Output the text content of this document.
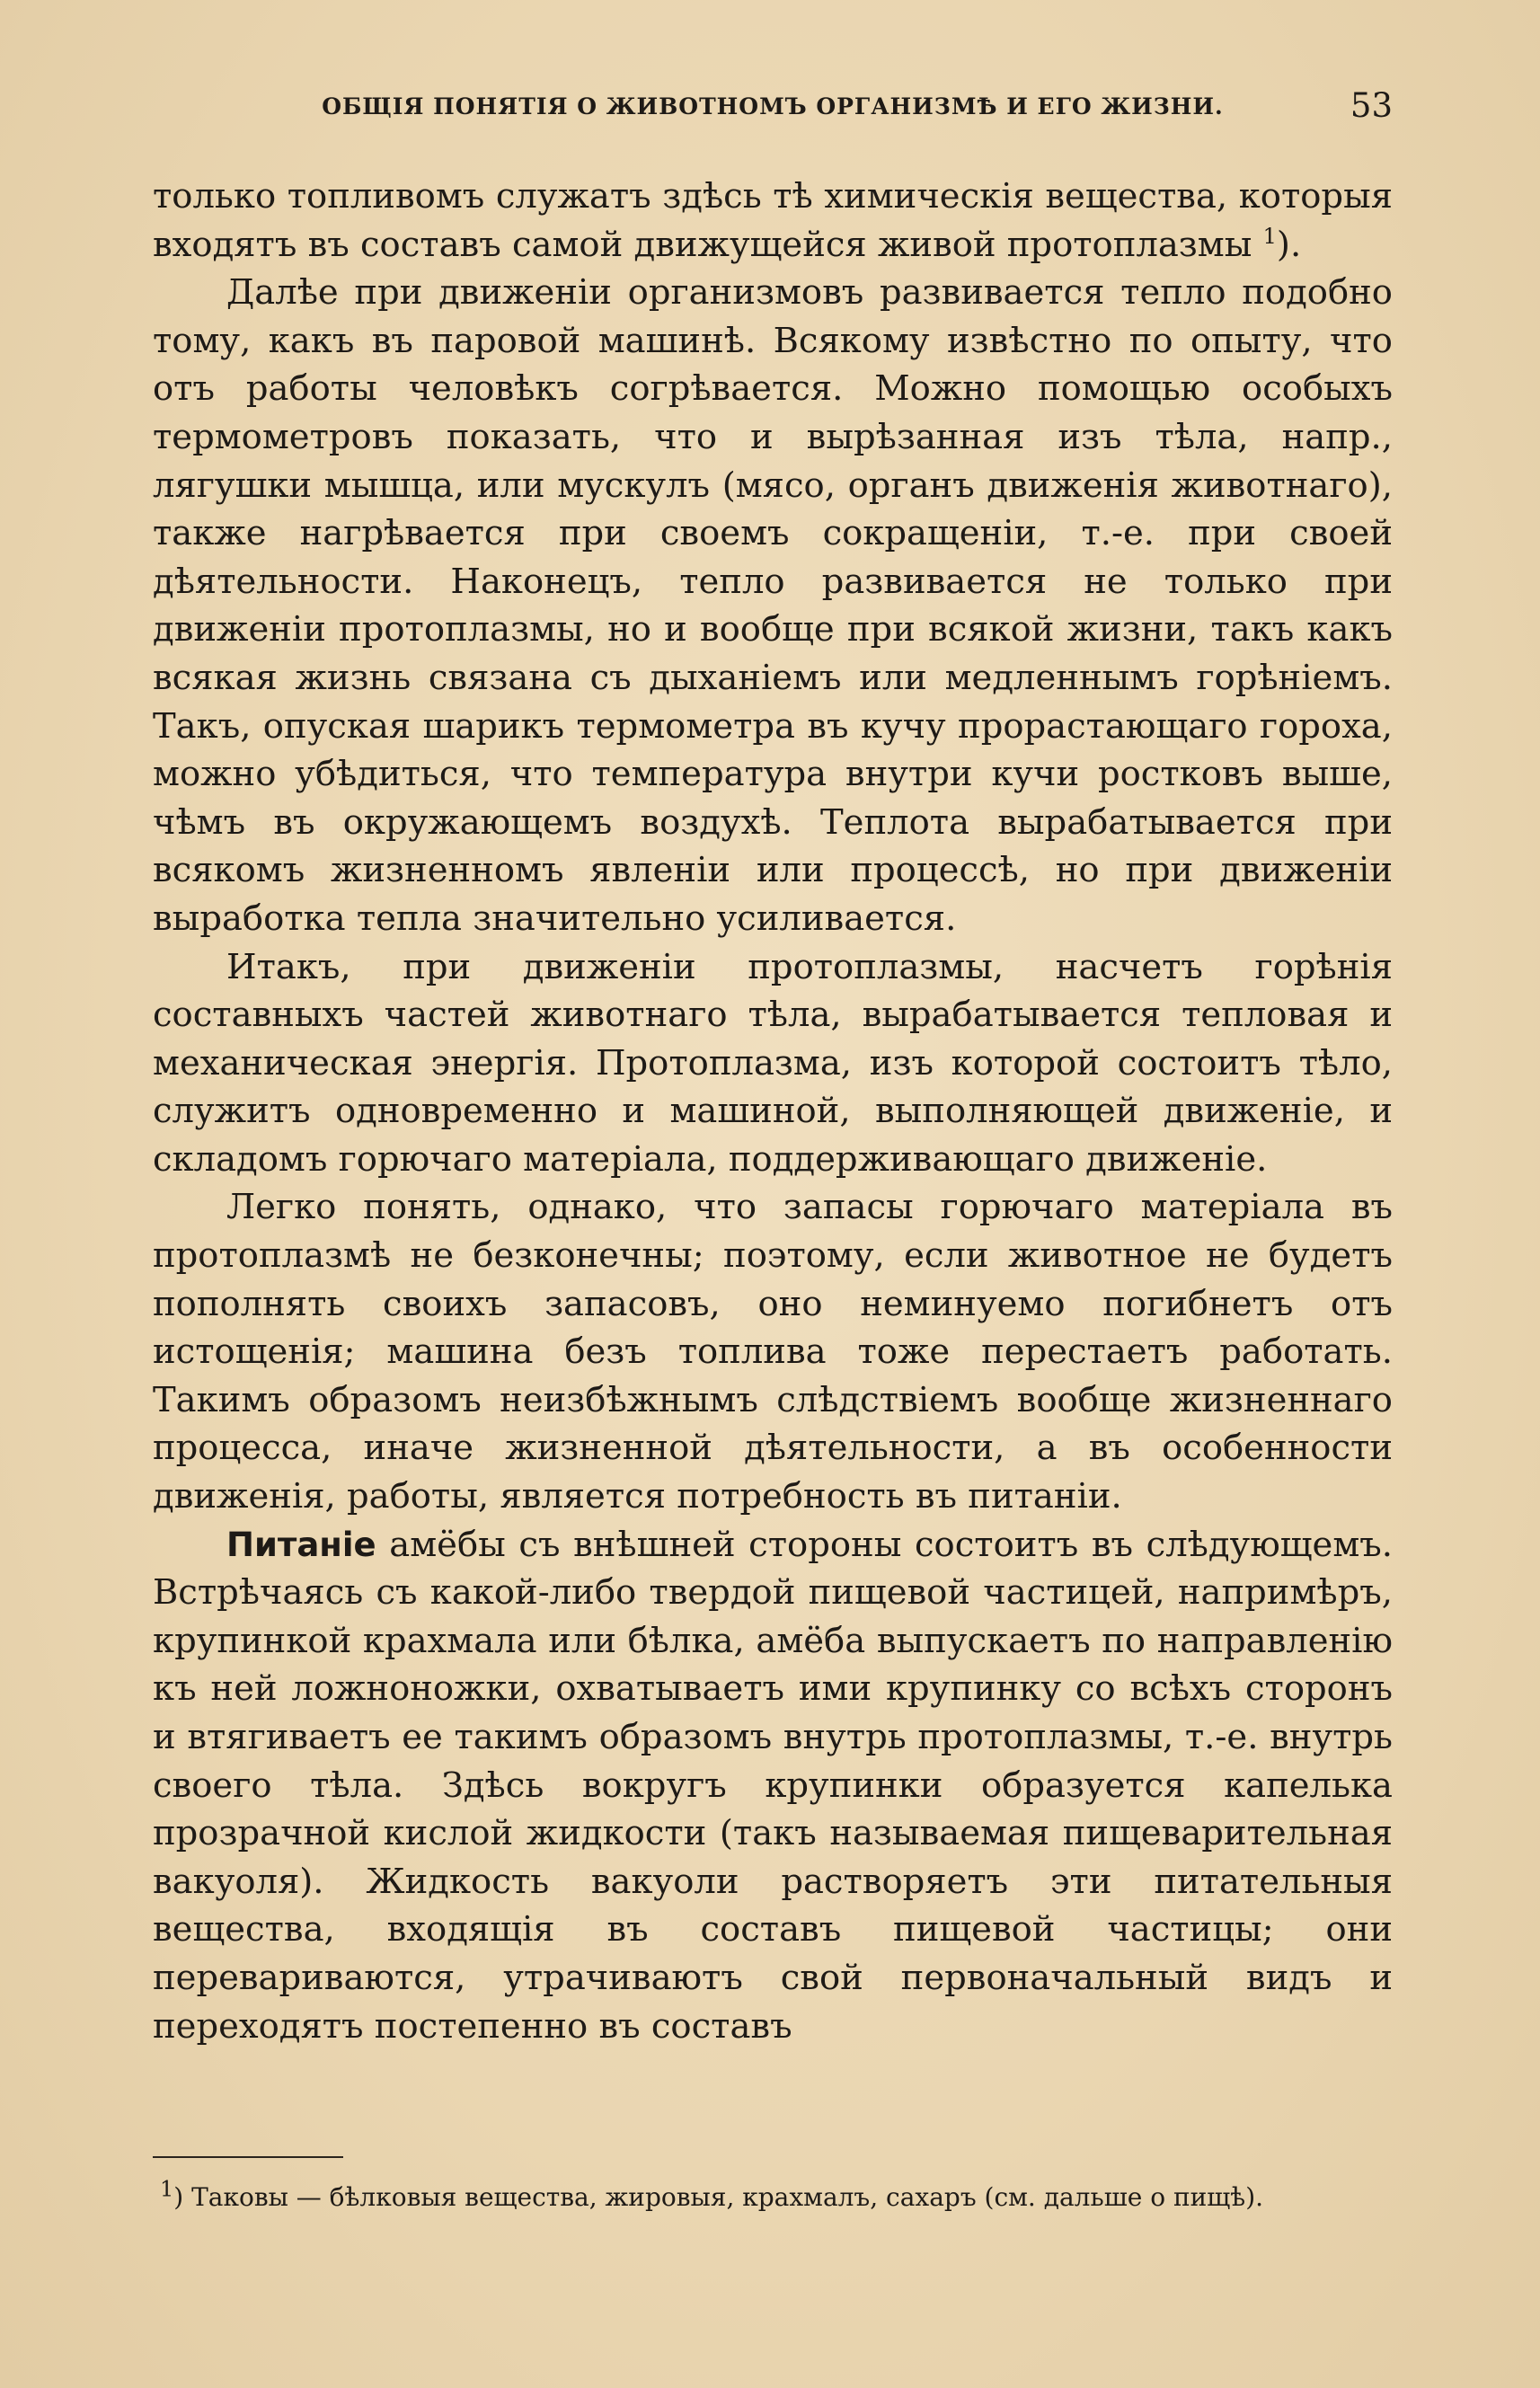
ОБЩІЯ ПОНЯТІЯ О ЖИВОТНОМЪ ОРГАНИЗМѢ И ЕГО ЖИЗНИ.	53

только топливомъ служатъ здѣсь тѣ химическія вещества, которыя входятъ въ составъ самой движущейся живой протоплазмы $^1$).

Далѣе при движеніи организмовъ развивается тепло подобно тому, какъ въ паровой машинѣ. Всякому извѣстно по опыту, что отъ работы человѣкъ согрѣвается. Можно помощью особыхъ термометровъ показать, что и вырѣзанная изъ тѣла, напр., лягушки мышца, или мускулъ (мясо, органъ движенія животнаго), также нагрѣвается при своемъ сокращеніи, т.-е. при своей дѣятельности. Наконецъ, тепло развивается не только при движеніи протоплазмы, но и вообще при всякой жизни, такъ какъ всякая жизнь связана съ дыханіемъ или медленнымъ горѣніемъ. Такъ, опуская шарикъ термометра въ кучу прорастающаго гороха, можно убѣдиться, что температура внутри кучи ростковъ выше, чѣмъ въ окружающемъ воздухѣ. Теплота вырабатывается при всякомъ жизненномъ явленіи или процессѣ, но при движеніи выработка тепла значительно усиливается.

Итакъ, при движеніи протоплазмы, насчетъ горѣнія составныхъ частей животнаго тѣла, вырабатывается тепловая и механическая энергія. Протоплазма, изъ которой состоитъ тѣло, служитъ одновременно и машиной, выполняющей движеніе, и складомъ горючаго матеріала, поддерживающаго движеніе.

Легко понять, однако, что запасы горючаго матеріала въ протоплазмѣ не безконечны; поэтому, если животное не будетъ пополнять своихъ запасовъ, оно неминуемо погибнетъ отъ истощенія; машина безъ топлива тоже перестаетъ работать. Такимъ образомъ неизбѣжнымъ слѣдствіемъ вообще жизненнаго процесса, иначе жизненной дѣятельности, а въ особенности движенія, работы, является потребность въ питаніи.

Питаніе амёбы съ внѣшней стороны состоитъ въ слѣдующемъ. Встрѣчаясь съ какой-либо твердой пищевой частицей, напримѣръ, крупинкой крахмала или бѣлка, амёба выпускаетъ по направленію къ ней ложноножки, охватываетъ ими крупинку со всѣхъ сторонъ и втягиваетъ ее такимъ образомъ внутрь протоплазмы, т.-е. внутрь своего тѣла. Здѣсь вокругъ крупинки образуется капелька прозрачной кислой жидкости (такъ называемая пищеварительная вакуоля). Жидкость вакуоли растворяетъ эти питательныя вещества, входящія въ составъ пищевой частицы; они перевариваются, утрачиваютъ свой первоначальный видъ и переходятъ постепенно въ составъ

1) Таковы — бѣлковыя вещества, жировыя, крахмалъ, сахаръ (см. дальше о пищѣ).
